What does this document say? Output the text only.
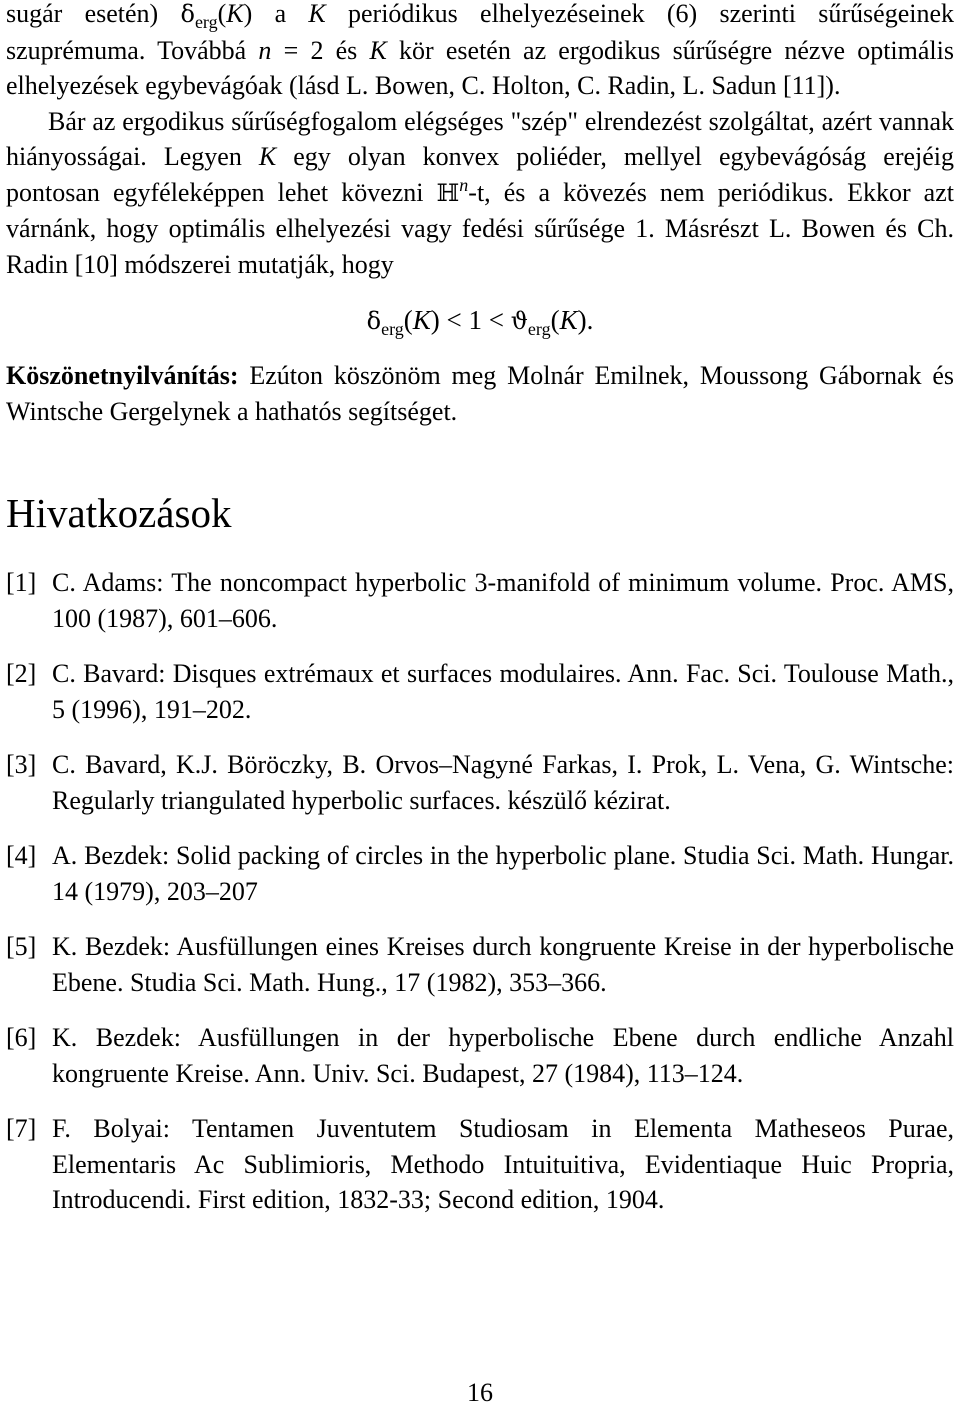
sugár esetén) $\delta_{erg}(K)$ a K periódikus elhelyezéseinek (6) szerinti sűrűségeinek szuprémuma. Továbbá n = 2 és K kör esetén az ergodikus sűrűségre nézve optimális elhelyezések egybevágóak (lásd L. Bowen, C. Holton, C. Radin, L. Sadun [11]).

Bár az ergodikus sűrűségfogalom elégséges "szép" elrendezést szolgáltat, azért vannak hiányosságai. Legyen K egy olyan konvex poliéder, mellyel egybevágóság erejéig pontosan egyféleképpen lehet kövezni ℍ$^n$-t, és a kövezés nem periódikus. Ekkor azt várnánk, hogy optimális elhelyezési vagy fedési sűrűsége 1. Másrészt L. Bowen és Ch. Radin [10] módszerei mutatják, hogy

$\delta_{erg}(K) < 1 < ϑ_{erg}(K)$.

Köszönetnyilvánítás: Ezúton köszönöm meg Molnár Emilnek, Moussong Gábornak és Wintsche Gergelynek a hathatós segítséget.

Hivatkozások
[1] C. Adams: The noncompact hyperbolic 3-manifold of minimum volume. Proc. AMS, 100 (1987), 601–606.
[2] C. Bavard: Disques extrémaux et surfaces modulaires. Ann. Fac. Sci. Toulouse Math., 5 (1996), 191–202.
[3] C. Bavard, K.J. Böröczky, B. Orvos–Nagyné Farkas, I. Prok, L. Vena, G. Wintsche: Regularly triangulated hyperbolic surfaces. készülő kézirat.
[4] A. Bezdek: Solid packing of circles in the hyperbolic plane. Studia Sci. Math. Hungar. 14 (1979), 203–207
[5] K. Bezdek: Ausfüllungen eines Kreises durch kongruente Kreise in der hyperbolische Ebene. Studia Sci. Math. Hung., 17 (1982), 353–366.
[6] K. Bezdek: Ausfüllungen in der hyperbolische Ebene durch endliche Anzahl kongruente Kreise. Ann. Univ. Sci. Budapest, 27 (1984), 113–124.
[7] F. Bolyai: Tentamen Juventutem Studiosam in Elementa Matheseos Purae, Elementaris Ac Sublimioris, Methodo Intuituitiva, Evidentiaque Huic Propria, Introducendi. First edition, 1832-33; Second edition, 1904.
16
